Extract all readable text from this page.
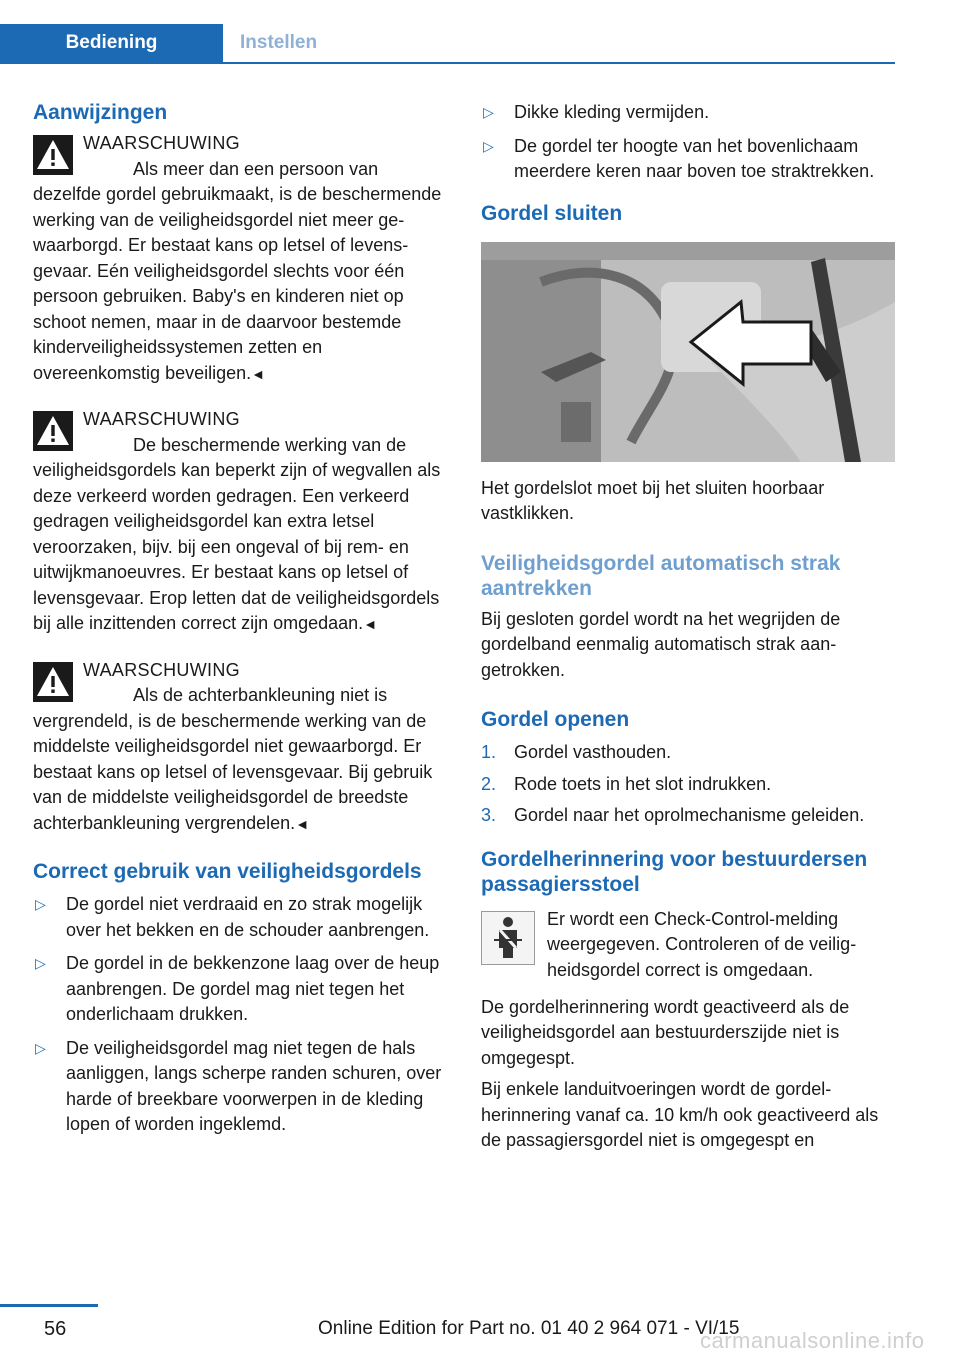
Bediening	Instellen
Aanwijzingen
WAARSCHUWING
Als meer dan een persoon van dezelfde gordel gebruikmaakt, is de beschermende werking van de veiligheidsgordel niet meer gewaarborgd. Er bestaat kans op letsel of levensgevaar. Eén veiligheidsgordel slechts voor één persoon gebruiken. Baby's en kinderen niet op schoot nemen, maar in de daarvoor bestemde kinderveiligheidssystemen zetten en overeenkomstig beveiligen.◄
WAARSCHUWING
De beschermende werking van de veiligheidsgordels kan beperkt zijn of wegvallen als deze verkeerd worden gedragen. Een verkeerd gedragen veiligheidsgordel kan extra letsel veroorzaken, bijv. bij een ongeval of bij rem- en uitwijkmanoeuvres. Er bestaat kans op letsel of levensgevaar. Erop letten dat de veiligheidsgordels bij alle inzittenden correct zijn omgedaan.◄
WAARSCHUWING
Als de achterbankleuning niet is vergrendeld, is de beschermende werking van de middelste veiligheidsgordel niet gewaarborgd. Er bestaat kans op letsel of levensgevaar. Bij gebruik van de middelste veiligheidsgordel de breedste achterbankleuning vergrendelen.◄
Correct gebruik van veiligheidsgordels
▷ De gordel niet verdraaid en zo strak mogelijk over het bekken en de schouder aanbrengen.
▷ De gordel in de bekkenzone laag over de heup aanbrengen. De gordel mag niet tegen het onderlichaam drukken.
▷ De veiligheidsgordel mag niet tegen de hals aanliggen, langs scherpe randen schuren, over harde of breekbare voorwerpen in de kleding lopen of worden ingeklemd.
▷ Dikke kleding vermijden.
▷ De gordel ter hoogte van het bovenlichaam meerdere keren naar boven toe straktrekken.
Gordel sluiten

Het gordelslot moet bij het sluiten hoorbaar vastklikken.

Veiligheidsgordel automatisch strak aantrekken

Bij gesloten gordel wordt na het wegrijden de gordelband eenmalig automatisch strak aangetrokken.

Gordel openen
1. Gordel vasthouden.
2. Rode toets in het slot indrukken.
3. Gordel naar het oprolmechanisme geleiden.
Gordelherinnering voor bestuurdersen passagiersstoel

Er wordt een Check-Control-melding weergegeven. Controleren of de veiligheidsgordel correct is omgedaan.

De gordelherinnering wordt geactiveerd als de veiligheidsgordel aan bestuurderszijde niet is omgegespt.

Bij enkele landuitvoeringen wordt de gordelherinnering vanaf ca. 10 km/h ook geactiveerd als de passagiersgordel niet is omgegespt en

56	Online Edition for Part no. 01 40 2 964 071 - VI/15
carmanualsonline.info
